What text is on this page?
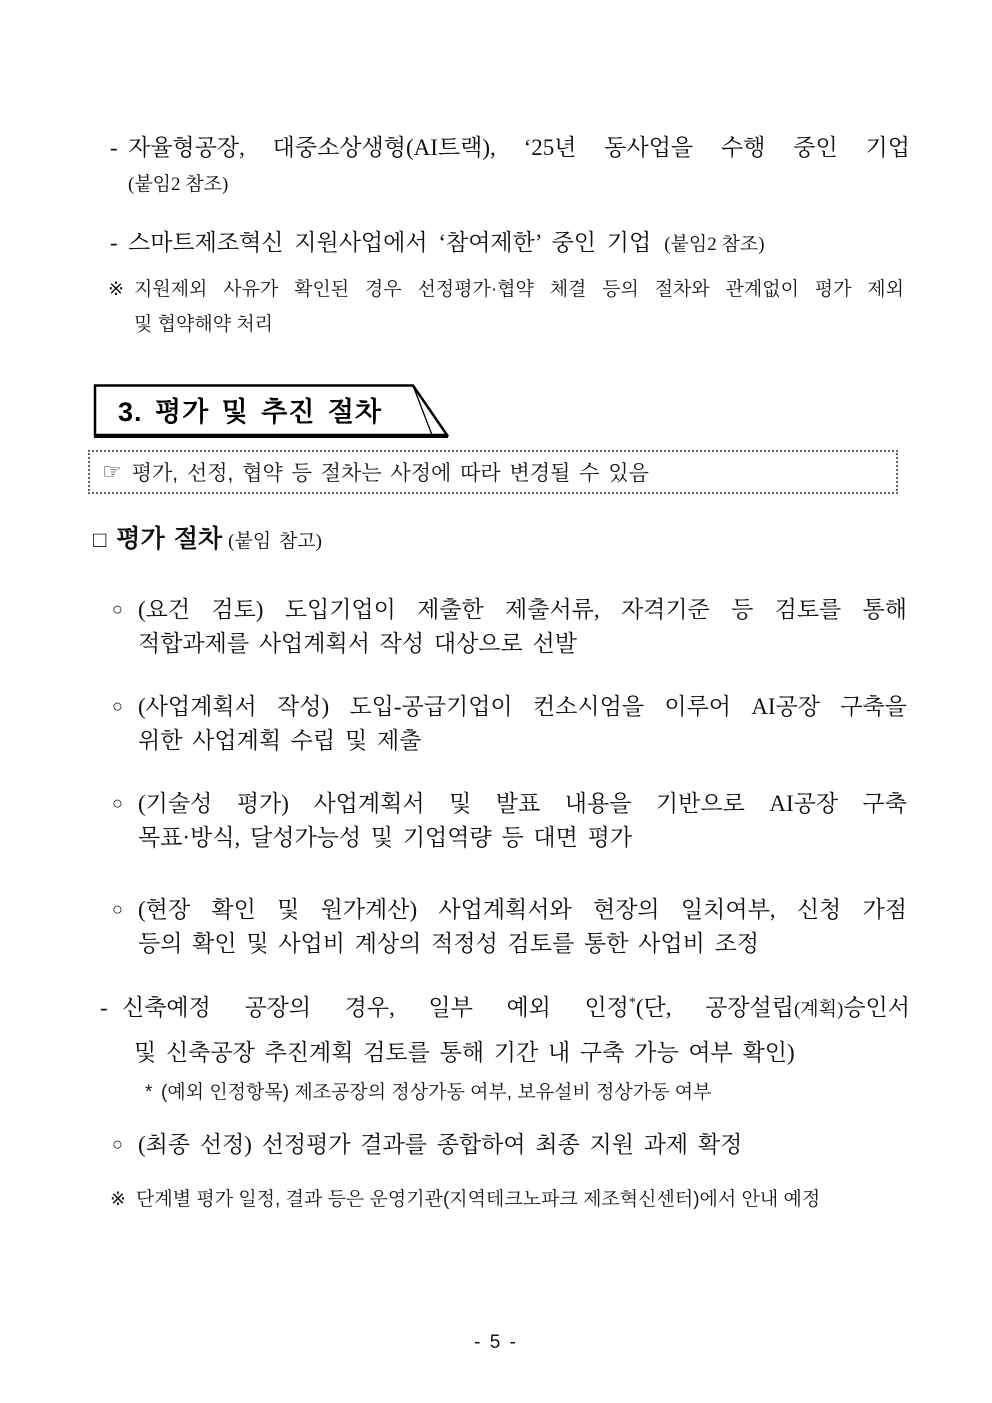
- 자율형공장, 대중소상생형(AI트랙), ‘25년 동사업을 수행 중인 기업
(붙임2 참조)
- 스마트제조혁신 지원사업에서 ‘참여제한’ 중인 기업 (붙임2 참조)
※ 지원제외 사유가 확인된 경우 선정평가·협약 체결 등의 절차와 관계없이 평가 제외
및 협약해약 처리
3. 평가 및 추진 절차
☞ 평가, 선정, 협약 등 절차는 사정에 따라 변경될 수 있음
□ 평가 절차 (붙임 참고)
○ (요건 검토) 도입기업이 제출한 제출서류, 자격기준 등 검토를 통해
적합과제를 사업계획서 작성 대상으로 선발
○ (사업계획서 작성) 도입-공급기업이 컨소시엄을 이루어 AI공장 구축을
위한 사업계획 수립 및 제출
○ (기술성 평가) 사업계획서 및 발표 내용을 기반으로 AI공장 구축
목표·방식, 달성가능성 및 기업역량 등 대면 평가
○ (현장 확인 및 원가계산) 사업계획서와 현장의 일치여부, 신청 가점
등의 확인 및 사업비 계상의 적정성 검토를 통한 사업비 조정
- 신축예정 공장의 경우, 일부 예외 인정*(단, 공장설립(계획)승인서
및 신축공장 추진계획 검토를 통해 기간 내 구축 가능 여부 확인)
* (예외 인정항목) 제조공장의 정상가동 여부, 보유설비 정상가동 여부
○ (최종 선정) 선정평가 결과를 종합하여 최종 지원 과제 확정
※ 단계별 평가 일정, 결과 등은 운영기관(지역테크노파크 제조혁신센터)에서 안내 예정
- 5 -
